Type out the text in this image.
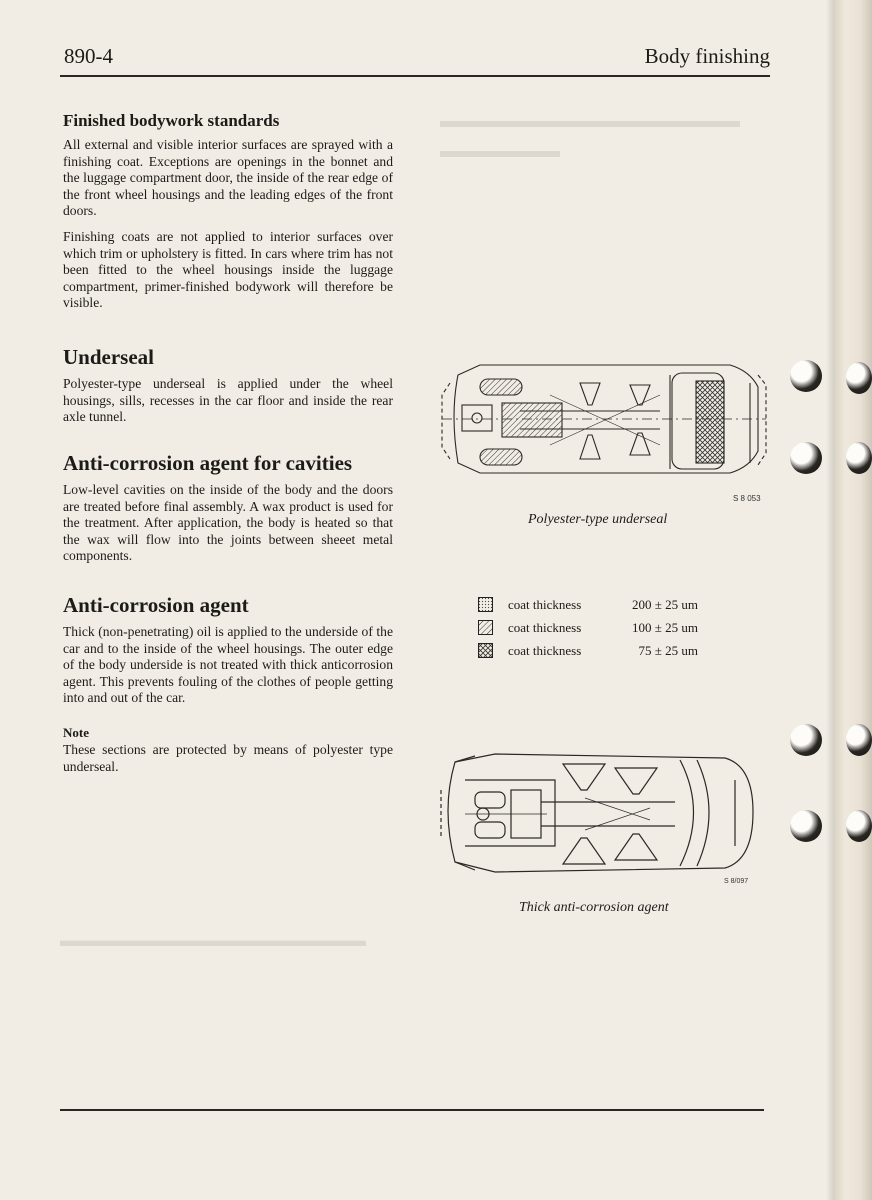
▬▬▬▬▬▬▬▬▬▬▬▬▬▬▬
▬▬▬▬▬▬
▬▬▬▬▬▬▬▬▬▬▬▬▬▬▬▬▬
890-4	Body finishing
Finished bodywork standards

All external and visible interior surfaces are sprayed with a finishing coat. Exceptions are openings in the bonnet and the luggage compartment door, the inside of the rear edge of the front wheel housings and the leading edges of the front doors.

Finishing coats are not applied to interior surfaces over which trim or upholstery is fitted. In cars where trim has not been fitted to the wheel housings inside the luggage compartment, primer-finished bodywork will therefore be visible.

Underseal

Polyester-type underseal is applied under the wheel housings, sills, recesses in the car floor and inside the rear axle tunnel.

Anti-corrosion agent for cavities

Low-level cavities on the inside of the body and the doors are treated before final assembly. A wax product is used for the treatment. After application, the body is heated so that the wax will flow into the joints between sheeet metal components.

Anti-corrosion agent

Thick (non-penetrating) oil is applied to the underside of the car and to the inside of the wheel housings. The outer edge of the body underside is not treated with thick anticorrosion agent. This prevents fouling of the clothes of people getting into and out of the car.

Note

These sections are protected by means of polyester type underseal.

S 8 053
Polyester-type underseal
coat thickness	200 ± 25 um
coat thickness	100 ± 25 um
coat thickness	75 ± 25 um
S 8/097
Thick anti-corrosion agent
